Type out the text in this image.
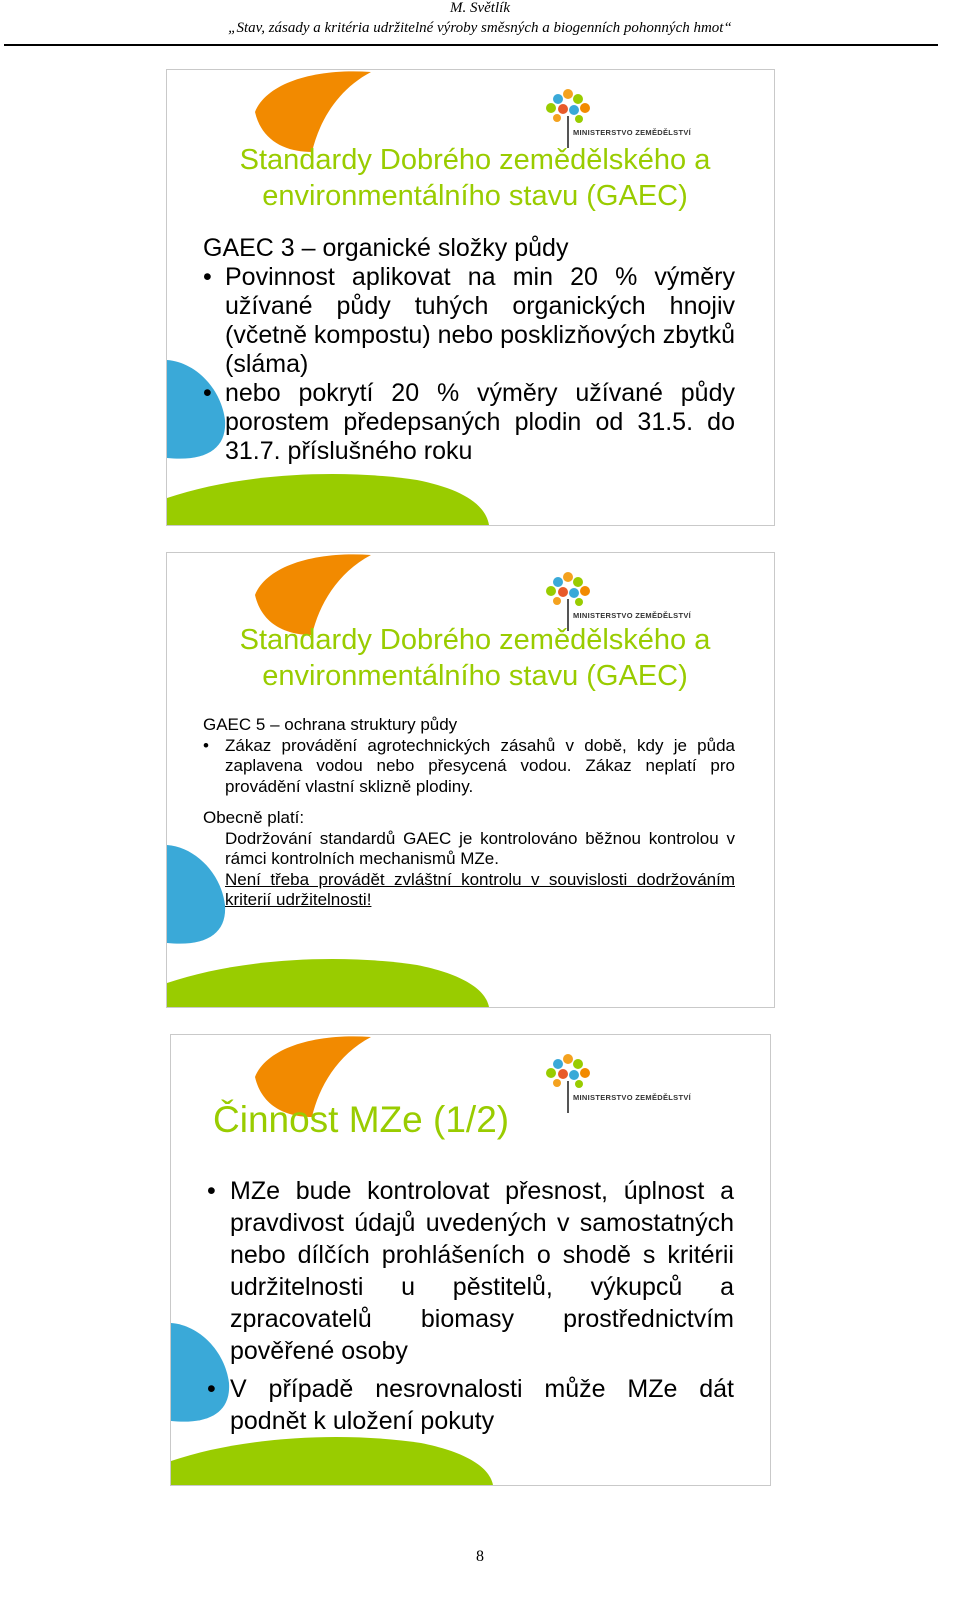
M. Světlík
„Stav, zásady a kritéria udržitelné výroby směsných a biogenních pohonných hmot“
MINISTERSTVO ZEMĚDĚLSTVÍ
Standardy Dobrého zemědělského a
environmentálního stavu (GAEC)
GAEC 3 – organické složky půdy
• Povinnost aplikovat na min 20 % výměry užívané půdy tuhých organických hnojiv (včetně kompostu) nebo posklizňových zbytků (sláma)
• nebo pokrytí 20 % výměry užívané půdy porostem předepsaných plodin od 31.5. do 31.7. příslušného roku
MINISTERSTVO ZEMĚDĚLSTVÍ
Standardy Dobrého zemědělského a
environmentálního stavu (GAEC)
GAEC 5 – ochrana struktury půdy
• Zákaz provádění agrotechnických zásahů v době, kdy je půda zaplavena vodou nebo přesycená vodou. Zákaz neplatí pro provádění vlastní sklizně plodiny.
Obecně platí:
Dodržování standardů GAEC je kontrolováno běžnou kontrolou v rámci kontrolních mechanismů MZe.
Není třeba provádět zvláštní kontrolu v souvislosti dodržováním kriterií udržitelnosti!
MINISTERSTVO ZEMĚDĚLSTVÍ
Činnost MZe (1/2)
• MZe bude kontrolovat přesnost, úplnost a pravdivost údajů uvedených v samostatných nebo dílčích prohlášeních o shodě s kritérii udržitelnosti u pěstitelů, výkupců a zpracovatelů biomasy prostřednictvím pověřené osoby
• V případě nesrovnalosti může MZe dát podnět k uložení pokuty
8
